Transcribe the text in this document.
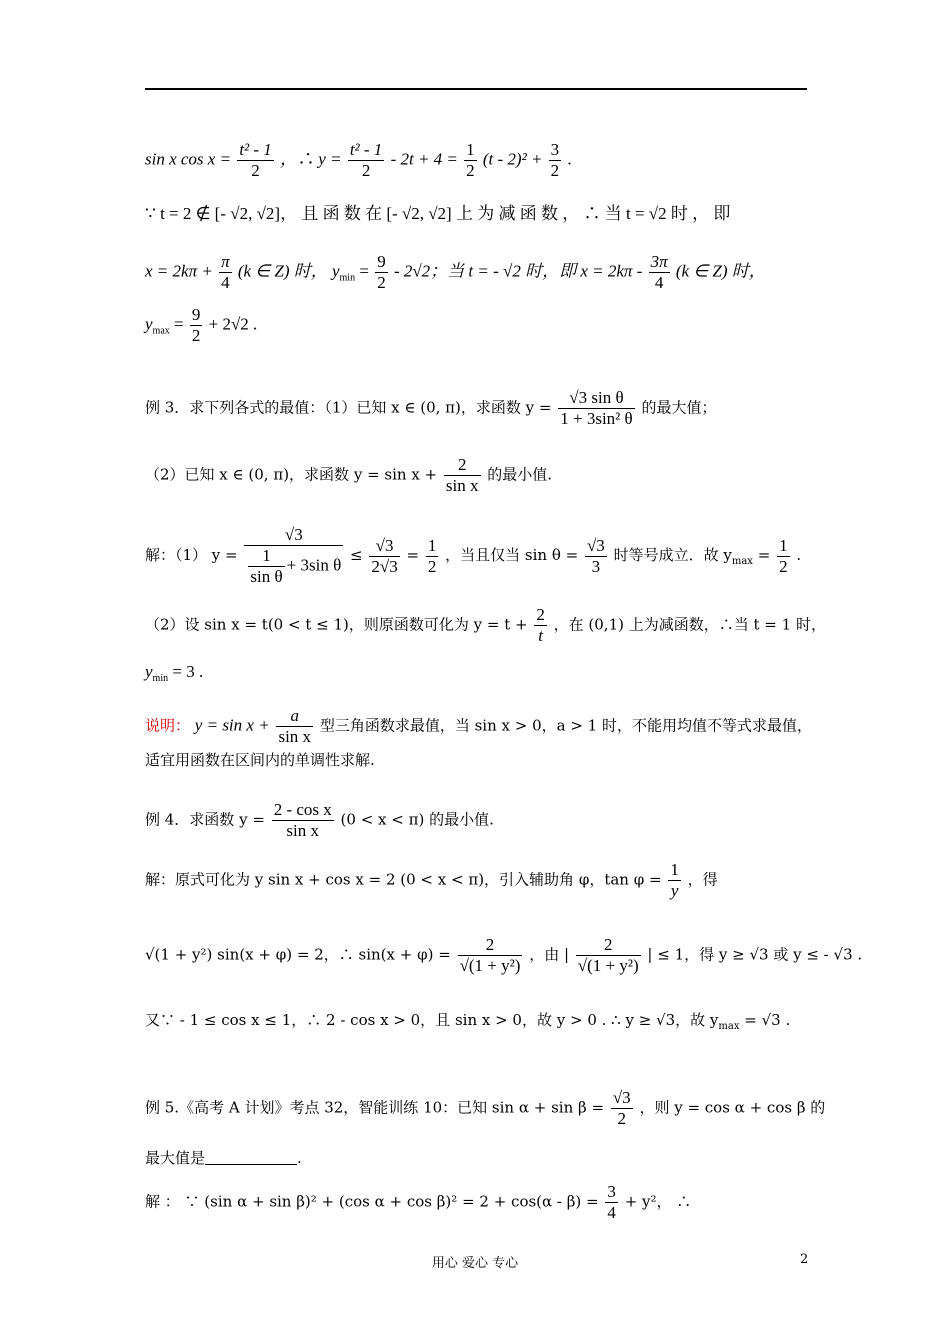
sin x $\cos x = \frac{\text{t² - 1}}{2}$ ，∴ $y = \frac{\text{t² - 1}}{2} - 2t + 4 = \frac{1}{2} (t - 2)^2 + \frac{3}{2}$ .
∵ t = 2 ∉ [- √2, √2]， 且 函 数 在 [- √2, √2] 上 为 减 函 数 ， ∴ 当 t = √2 时 ， 即
$x = 2k\pi + \frac{\pi}{4} (k$ ∈ Z) 时， $y_{min} = \frac{9}{2} - 2√2$；当 t = - √2 时，即 $x = 2k\pi - \frac{3\pi}{4} (k$ ∈ Z) 时，
$y_{max} = \frac{9}{2} + 2√2$ .
例 3．求下列各式的最值：（1）已知 x ∈ (0, π)，求函数 $y = \frac{\text{√3 sin θ}}{\text{1 + 3sin² θ}}$ 的最大值；
（2）已知 x ∈ (0, π)，求函数 $y = \sin x + \frac{2}{\text{sin x}}$ 的最小值.
解：（1） $y = \frac{√3}{\frac{1}{\text{sin θ}} + 3\sin \theta} \le \frac{√3}{2√3} = \frac{1}{2}$ ，当且仅当 $\sin \theta = \frac{√3}{3}$ 时等号成立．故 $y_{max} = \frac{1}{2}$ .
（2）设 sin x = t(0 < t ≤ 1)，则原函数可化为 $y = t + \frac{2}{t}$ ，在 (0,1) 上为减函数，∴当 t = 1 时，
$y_{min} = 3$ .
说明： $y = \sin x + \frac{a}{\text{sin x}}$ 型三角函数求最值，当 sin x > 0，a > 1 时，不能用均值不等式求最值，
适宜用函数在区间内的单调性求解.
例 4．求函数 $y = \frac{\text{2 - cos x}}{\text{sin x}} (0 < x < \pi)$ 的最小值.
解：原式可化为 y sin x + cos x = 2 (0 < x < π)，引入辅助角 φ，$\tan \varphi = \frac{1}{y}$ ，得
√(1 + y²) sin(x + φ) = 2，∴ $\sin(x + \varphi) = \frac{2}{\text{√(1 + y²)}}$ ，由 | $\frac{2}{\text{√(1 + y²)}}$ | ≤ 1，得 y ≥ √3 或 y ≤ - √3 .
又∵ - 1 ≤ cos x ≤ 1，∴ 2 - cos x > 0，且 sin x > 0，故 y > 0 . ∴ y ≥ √3，故 $y_{max} = √3$ .
例 5.《高考 A 计划》考点 32，智能训练 10：已知 $\sin \alpha + \sin \beta = \frac{√3}{2}$ ，则 y = cos α + cos β 的
最大值是	.
解 ： ∵ (sin α + sin β)² + (cos $\alpha + \cos \beta)^2 = 2 + \cos(\alpha - \beta) = \frac{3}{4} + y^2$， ∴
用心 爱心 专心	2
